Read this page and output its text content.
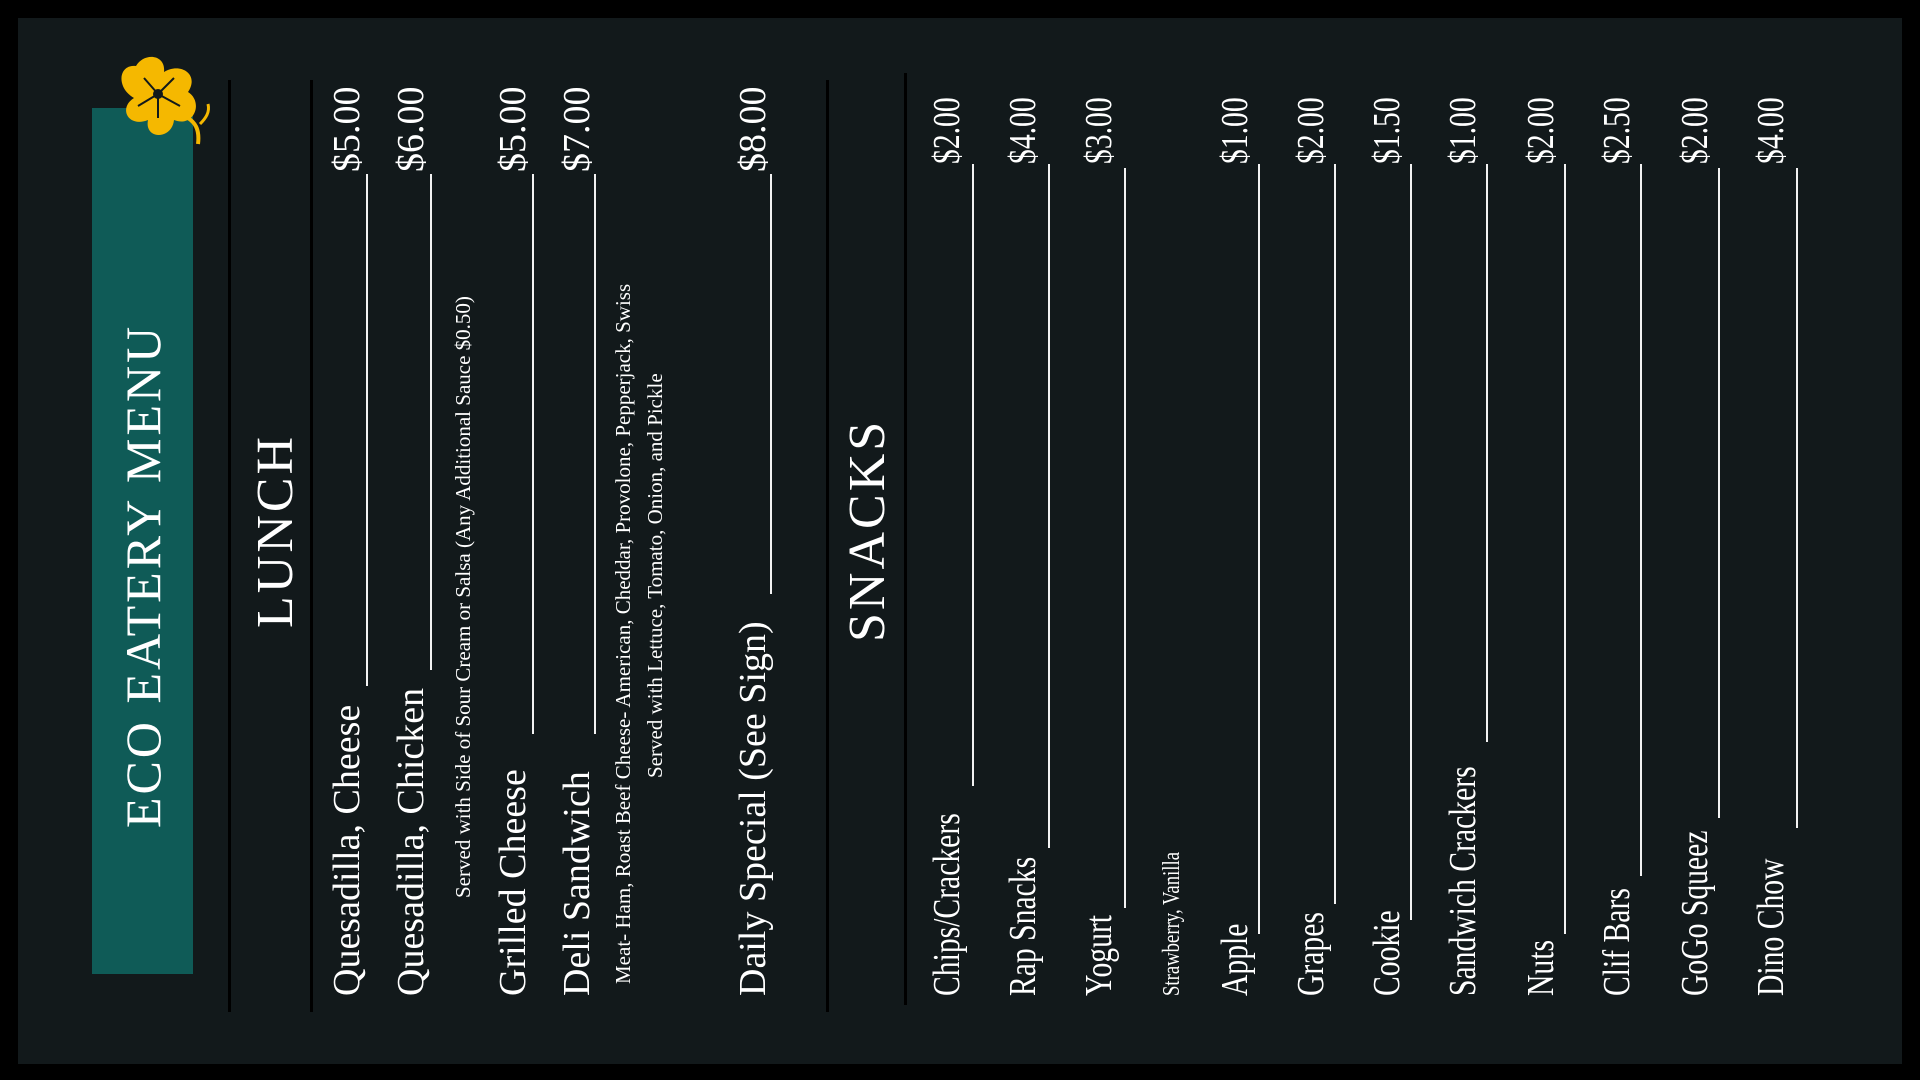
ECO EATERY MENU LUNCH
Quesadilla, Cheese
$5.00
Quesadilla, Chicken
$6.00
Served with Side of Sour Cream or Salsa (Any Additional Sauce $0.50) Grilled Cheese
$5.00
Deli Sandwich
$7.00
Meat- Ham, Roast Beef Cheese- American, Cheddar, Provolone, Pepperjack, Swiss Served with Lettuce, Tomato, Onion, and Pickle
Daily Special (See Sign)
$8.00
SNACKS
Chips/Crackers
$2.00
Rap Snacks
$4.00
Yogurt
$3.00
Strawberry, Vanilla Apple
$1.00
Grapes
$2.00
Cookie
$1.50
Sandwich Crackers
$1.00
Nuts
$2.00
Clif Bars
$2.50
GoGo Squeez
$2.00
Dino Chow
$4.00
